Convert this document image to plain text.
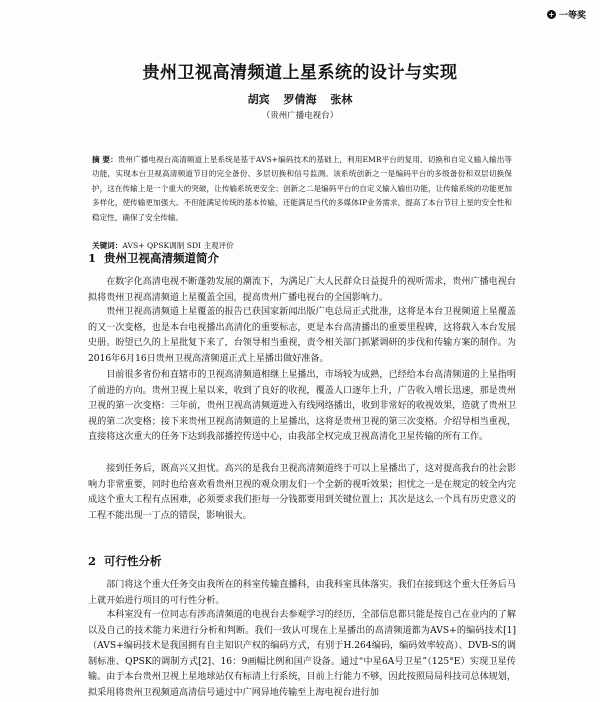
+ 一等奖
贵州卫视高清频道上星系统的设计与实现
胡宾 罗倩海 张林
（贵州广播电视台）
摘 要：贵州广播电视台高清频道上星系统是基于AVS+编码技术的基础上，利用EMR平台的复用、切换和自定义输入输出等功能，实现本台卫视高清频道节目的完全备份、多层切换和信号监测。该系统创新之一是编码平台的多级备份和双层切换保护，这在传输上是一个重大的突破，让传输系统更安全；创新之二是编码平台的自定义输入输出功能，让传输系统的功能更加多样化，使传输更加强大。不但能满足传统的基本传输，还能满足当代的多媒体IP业务需求，提高了本台节目上星的安全性和稳定性，确保了安全传输。
关键词：AVS+ QPSK调制 SDI 主观评价
1 贵州卫视高清频道简介

在数字化高清电视不断蓬勃发展的潮流下，为满足广大人民群众日益提升的视听需求，贵州广播电视台拟将贵州卫视高清频道上星覆盖全国，提高贵州广播电视台的全国影响力。

贵州卫视高清频道上星覆盖的报告已获国家新闻出版广电总局正式批准，这将是本台卫视频道上星覆盖的又一次变格，也是本台电视播出高清化的重要标志，更是本台高清播出的重要里程碑，这将载入本台发展史册。盼望已久的上星批复下来了，台领导相当重视，责令相关部门抓紧调研的步伐和传输方案的制作。为2016年6月16日贵州卫视高清频道正式上星播出做好准备。

目前很多省份和直辖市的卫视高清频道相继上星播出，市场较为成熟，已经给本台高清频道的上星指明了前进的方向。贵州卫视上星以来，收到了良好的收视，覆盖人口逐年上升，广告收入增长迅速，那是贵州卫视的第一次变格：三年前，贵州卫视高清频道进入有线网络播出，收到非常好的收视效果，造就了贵州卫视的第二次变格；接下来贵州卫视高清频道的上星播出，这将是贵州卫视的第三次变格。介绍导相当重视，直接将这次重大的任务下达到我部播控传送中心，由我部全权完成卫视高清化卫星传输的所有工作。

接到任务后，既高兴又担忧。高兴的是我台卫视高清频道终于可以上星播出了，这对提高我台的社会影响力非常重要，同时也给喜欢看贵州卫视的观众朋友们一个全新的视听效果；担忧之一是在规定的较全内完成这个重大工程有点困难，必须要求我们拒每一分钱都要用到关键位置上；其次是这么一个具有历史意义的工程不能出现一丁点的错误，影响很大。

2 可行性分析

部门将这个重大任务交由我所在的科室传输直播科，由我科室具体落实。我们在接到这个重大任务后马上就开始进行项目的可行性分析。

本科室没有一位同志有涉高清频道的电视台去参观学习的经历，全部信息都只能是按自己在业内的了解以及自己的技术能力来进行分析和判断。我们一致认可现在上星播出的高清频道都为AVS+的编码技术[1]（AVS+编码技术是我国拥有自主知识产权的编码方式，有别于H.264编码，编码效率较高）、DVB-S的调制标准、QPSK的调制方式[2]、16：9画幅比例和国产设备。通过“中星6A号卫星”（125°E）实现卫星传输。由于本台贵州卫视上星地球站仅有标清上行系统，目前上行能力不够，因此按照局局科技司总体规划，拟采用将贵州卫视频道高清信号通过中广网异地传输至上海电视台进行加
